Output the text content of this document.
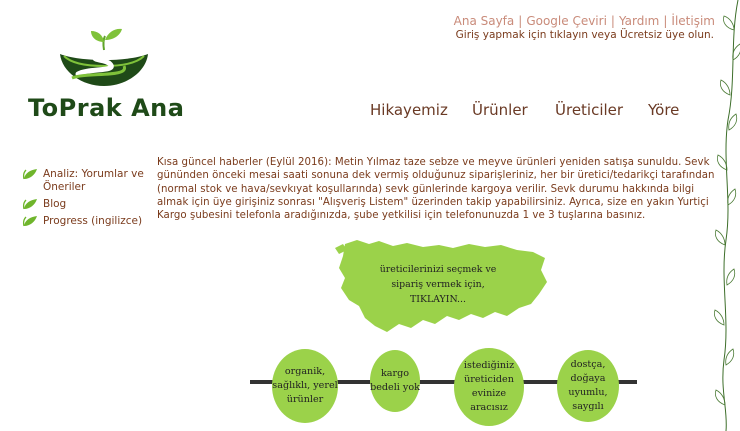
Ana Sayfa | Google Çeviri | Yardım | İletişim
Giriş yapmak için tıklayın veya Ücretsiz üye olun.
ToPrak Ana	Hikayemiz Ürünler Üreticiler Yöre
Analiz: Yorumlar ve Öneriler
Blog
Progress (ingilizce)
Kısa güncel haberler (Eylül 2016): Metin Yılmaz taze sebze ve meyve ürünleri yeniden satışa sunuldu. Sevk gününden önceki mesai saati sonuna dek vermiş olduğunuz siparişleriniz, her bir üretici/tedarikçi tarafından (normal stok ve hava/sevkıyat koşullarında) sevk günlerinde kargoya verilir. Sevk durumu hakkında bilgi almak için üye girişiniz sonrası "Alışveriş Listem" üzerinden takip yapabilirsiniz. Ayrıca, size en yakın Yurtiçi Kargo şubesini telefonla aradığınızda, şube yetkilisi için telefonunuzda 1 ve 3 tuşlarına basınız.
üreticilerinizi seçmek ve sipariş vermek için, TIKLAYIN...
organik, sağlıklı, yerel ürünler
kargo bedeli yok
istediğiniz üreticiden evinize aracısız
dostça, doğaya uyumlu, saygılı
